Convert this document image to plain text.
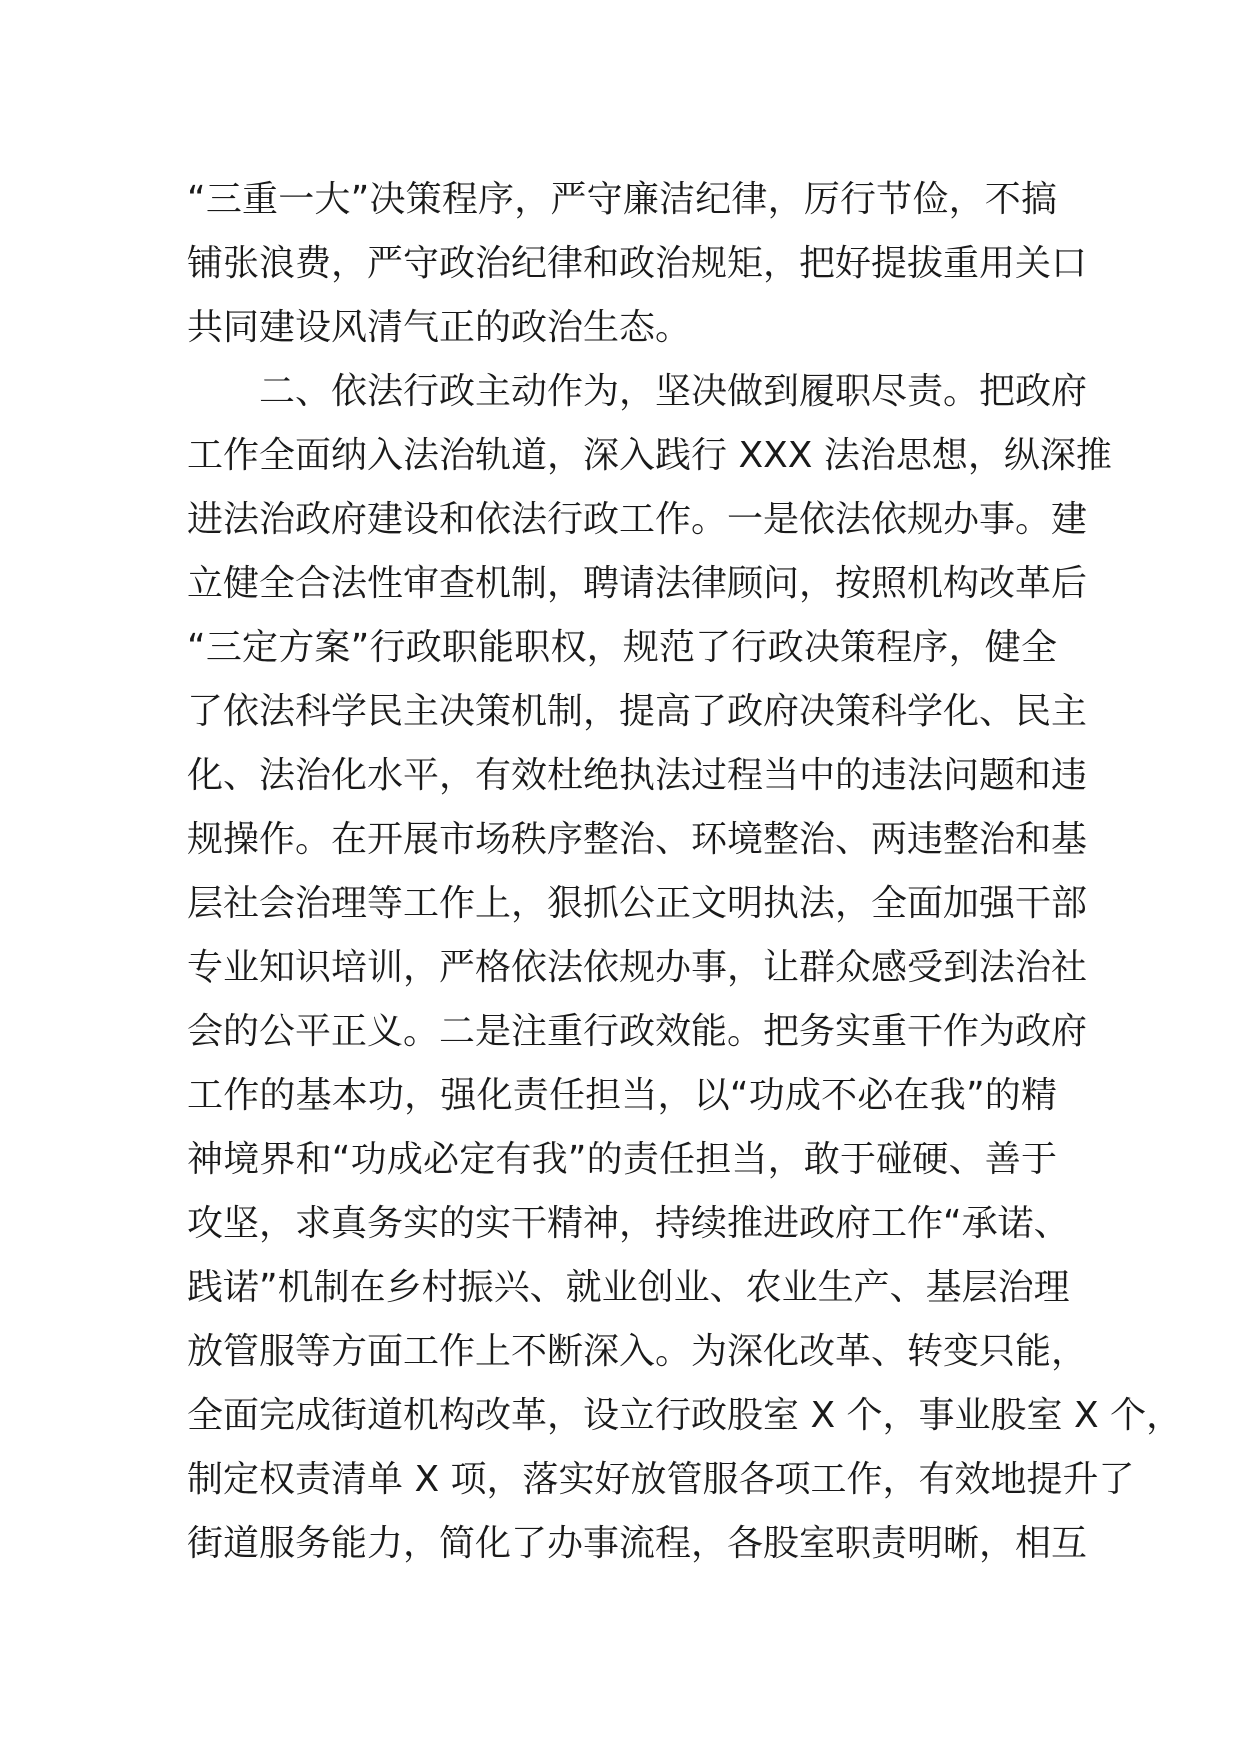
“三重一大”决策程序，严守廉洁纪律，厉行节俭，不搞
铺张浪费，严守政治纪律和政治规矩，把好提拔重用关口
共同建设风清气正的政治生态。
二、依法行政主动作为，坚决做到履职尽责。把政府
工作全面纳入法治轨道，深入践行 XXX 法治思想，纵深推
进法治政府建设和依法行政工作。一是依法依规办事。建
立健全合法性审查机制，聘请法律顾问，按照机构改革后
“三定方案”行政职能职权，规范了行政决策程序，健全
了依法科学民主决策机制，提高了政府决策科学化、民主
化、法治化水平，有效杜绝执法过程当中的违法问题和违
规操作。在开展市场秩序整治、环境整治、两违整治和基
层社会治理等工作上，狠抓公正文明执法，全面加强干部
专业知识培训，严格依法依规办事，让群众感受到法治社
会的公平正义。二是注重行政效能。把务实重干作为政府
工作的基本功，强化责任担当，以“功成不必在我”的精
神境界和“功成必定有我”的责任担当，敢于碰硬、善于
攻坚，求真务实的实干精神，持续推进政府工作“承诺、
践诺”机制在乡村振兴、就业创业、农业生产、基层治理
放管服等方面工作上不断深入。为深化改革、转变只能，
全面完成街道机构改革，设立行政股室 X 个，事业股室 X 个，
制定权责清单 X 项，落实好放管服各项工作，有效地提升了
街道服务能力，简化了办事流程，各股室职责明晰，相互
